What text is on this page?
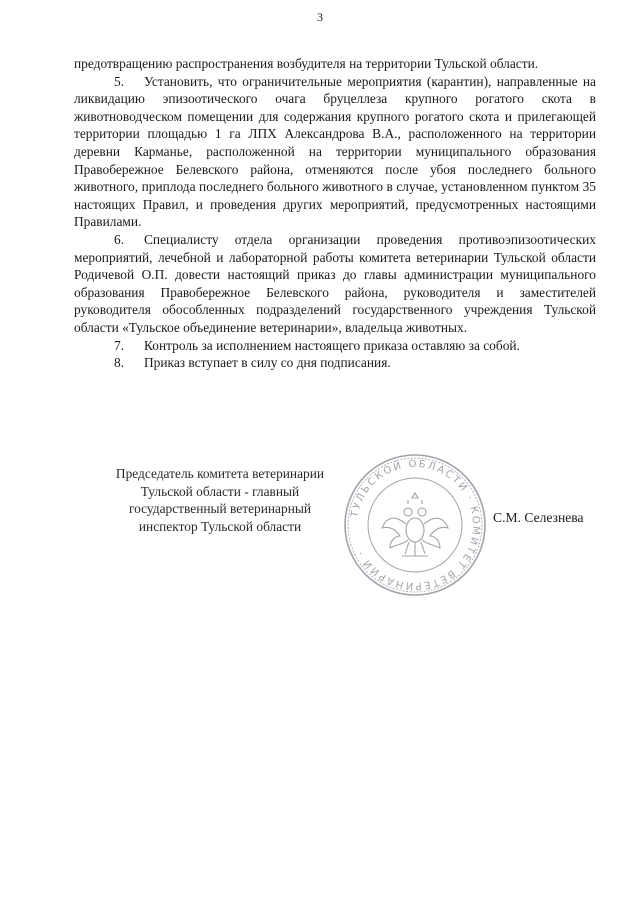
3

предотвращению распространения возбудителя на территории Тульской области.

5. Установить, что ограничительные мероприятия (карантин), направленные на ликвидацию эпизоотического очага бруцеллеза крупного рогатого скота в животноводческом помещении для содержания крупного рогатого скота и прилегающей территории площадью 1 га ЛПХ Александрова В.А., расположенного на территории деревни Карманье, расположенной на территории муниципального образования Правобережное Белевского района, отменяются после убоя последнего больного животного, приплода последнего больного животного в случае, установленном пунктом 35 настоящих Правил, и проведения других мероприятий, предусмотренных настоящими Правилами.

6. Специалисту отдела организации проведения противоэпизоотических мероприятий, лечебной и лабораторной работы комитета ветеринарии Тульской области Родичевой О.П. довести настоящий приказ до главы администрации муниципального образования Правобережное Белевского района, руководителя и заместителей руководителя обособленных подразделений государственного учреждения Тульской области «Тульское объединение ветеринарии», владельца животных.

7. Контроль за исполнением настоящего приказа оставляю за собой.

8. Приказ вступает в силу со дня подписания.

Председатель комитета ветеринарии
Тульской области - главный
государственный ветеринарный
инспектор Тульской области
ТУЛЬСКОЙ ОБЛАСТИ · КОМИТЕТ ВЕТЕРИНАРИИ ·
С.М. Селезнева
